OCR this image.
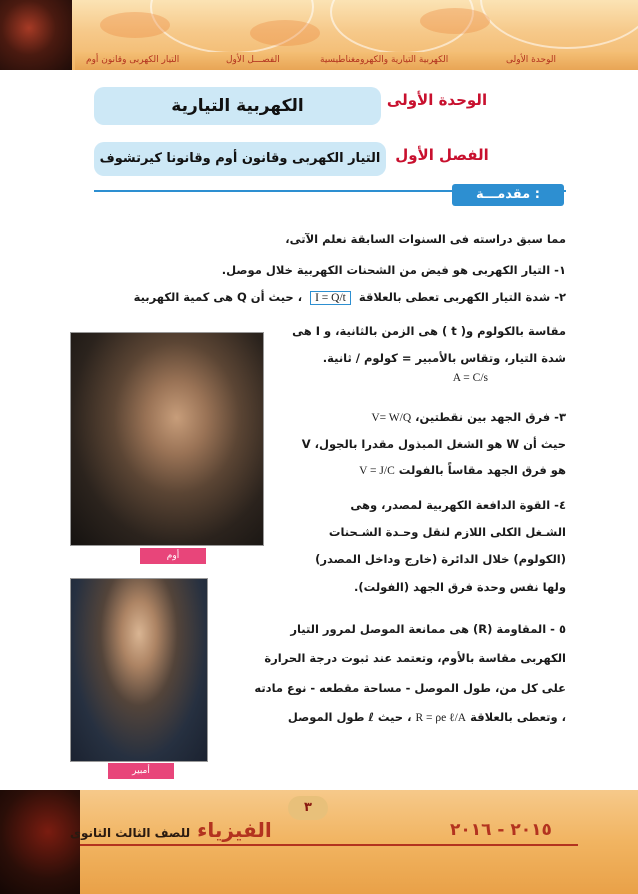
الوحدة الأولى
الكهربية التيارية والكهرومغناطيسية
الفصـــل الأول
التيار الكهربى وقانون أوم
الكهربية التيارية	الوحدة الأولى
التيار الكهربى وقانون أوم وقانونا كيرتشوف الفصل الأول
مقدمـــة :
مما سبق دراسته فى السنوات السابقة نعلم الآتى،
١- التيار الكهربى هو فيض من الشحنات الكهربية خلال موصل.
٢- شدة التيار الكهربى تعطى بالعلاقة I = Q/t ، حيث أن Q هى كمية الكهربية
مقاسة بالكولوم و( t ) هى الزمن بالثانية، و I هى
شدة التيار، وتقاس بالأمبير = كولوم / ثانية.
A = C/s
٣- فرق الجهد بين نقطتين، V= W/Q
حيث أن W هو الشغل المبذول مقدرا بالجول، V
هو فرق الجهد مقاساً بالفولت V = J/C
٤- القوة الدافعة الكهربية لمصدر، وهى
الشـغل الكلى اللازم لنقل وحـدة الشـحنات
(الكولوم) خلال الدائرة (خارج وداخل المصدر)
ولها نفس وحدة فرق الجهد (الفولت).
٥ - المقاومة (R) هى ممانعة الموصل لمرور التيار
الكهربى مقاسة بالأوم، وتعتمد عند ثبوت درجة الحرارة
على كل من، طول الموصل - مساحة مقطعه - نوع مادته
، وتعطى بالعلاقة R = ρe ℓ/A ، حيث ℓ طول الموصل
أوم
أمبير
٣
الفيزياء للصف الثالث الثانوى	٢٠١٥ - ٢٠١٦
